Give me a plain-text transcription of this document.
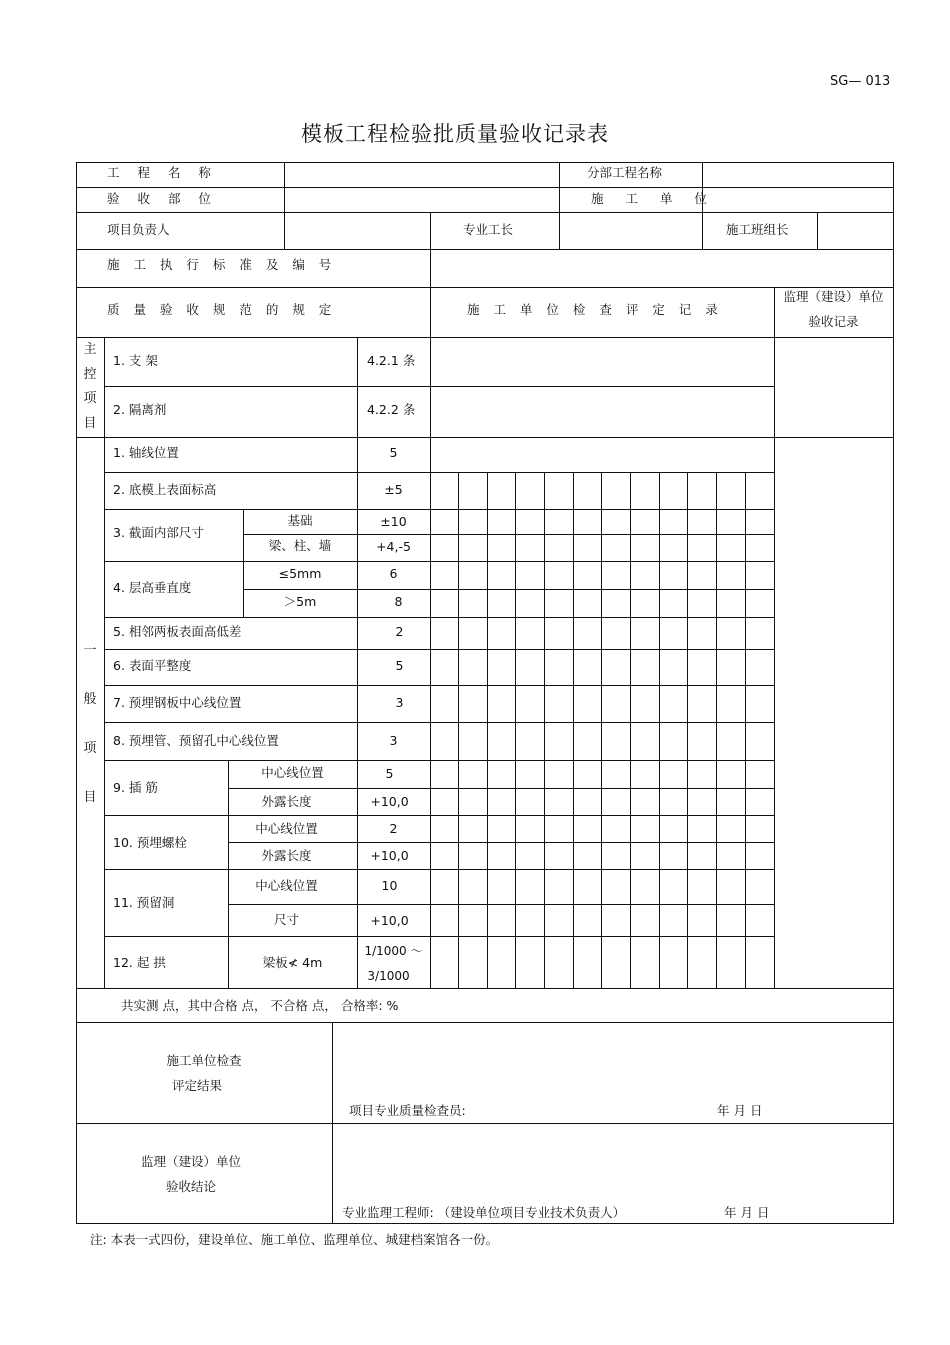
SG— 013
模板工程检验批质量验收记录表
工 程 名 称	分部工程名称
验 收 部 位	施 工 单 位
项目负责人	专业工长	施工班组长
施 工 执 行 标 准 及 编 号
质 量 验 收 规 范 的 规 定	施 工 单 位 检 查 评 定 记 录
监理（建设）单位
验收记录
主控项目
1. 支 架	4.2.1 条
2. 隔离剂	4.2.2 条
一般项目
1. 轴线位置	5
2. 底模上表面标高	±5
3. 截面内部尺寸
基础	±10
梁、柱、墙	+4,-5
4. 层高垂直度
≤5mm	6
＞5m	8
5. 相邻两板表面高低差	2
6. 表面平整度	5
7. 预埋钢板中心线位置	3
8. 预埋管、预留孔中心线位置	3
9. 插 筋
中心线位置	5
外露长度	+10,0
10. 预埋螺栓
中心线位置	2
外露长度	+10,0
11. 预留洞
中心线位置	10
尺寸	+10,0
12. 起 拱	梁板≮ 4m
1/1000 ～
3/1000
共实测 点，其中合格 点， 不合格 点， 合格率: %
施工单位检查
评定结果
项目专业质量检查员:	年 月 日
监理（建设）单位
验收结论
专业监理工程师: （建设单位项目专业技术负责人）	年 月 日
注: 本表一式四份，建设单位、施工单位、监理单位、城建档案馆各一份。
